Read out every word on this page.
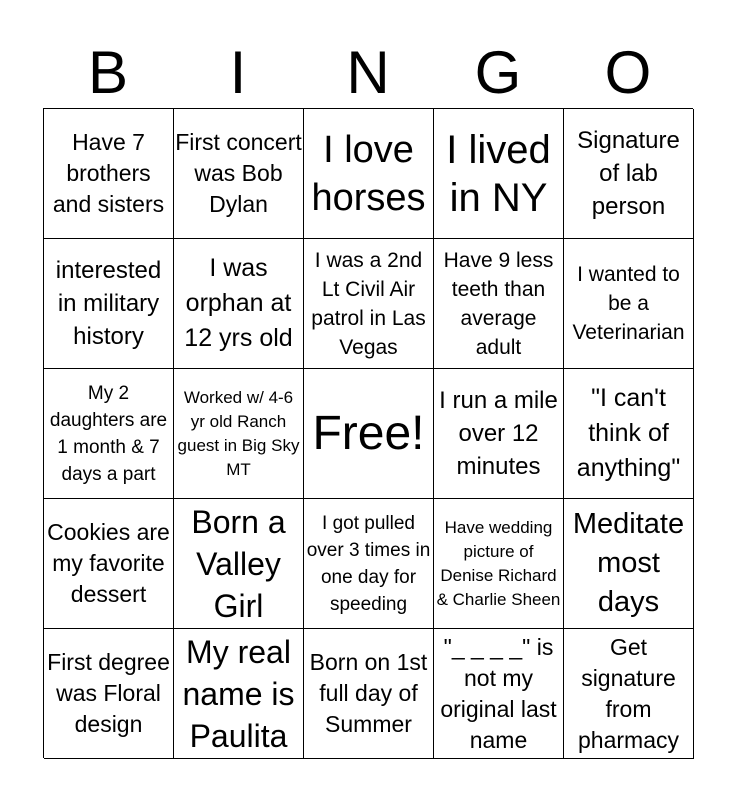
B	I	N	G	O
Have 7 brothers and sisters
First concert was Bob Dylan
I love horses
I lived in NY
Signature of lab person
interested in military history
I was orphan at 12 yrs old
I was a 2nd Lt Civil Air patrol in Las Vegas
Have 9 less teeth than average adult
I wanted to be a Veterinarian
My 2 daughters are 1 month & 7 days a part
Worked w/ 4-6 yr old Ranch guest in Big Sky MT
Free!
I run a mile over 12 minutes
"I can't think of anything"
Cookies are my favorite dessert
Born a Valley Girl
I got pulled over 3 times in one day for speeding
Have wedding picture of Denise Richard & Charlie Sheen
Meditate most days
First degree was Floral design
My real name is Paulita
Born on 1st full day of Summer
"_ _ _ _" is not my original last name
Get signature from pharmacy
